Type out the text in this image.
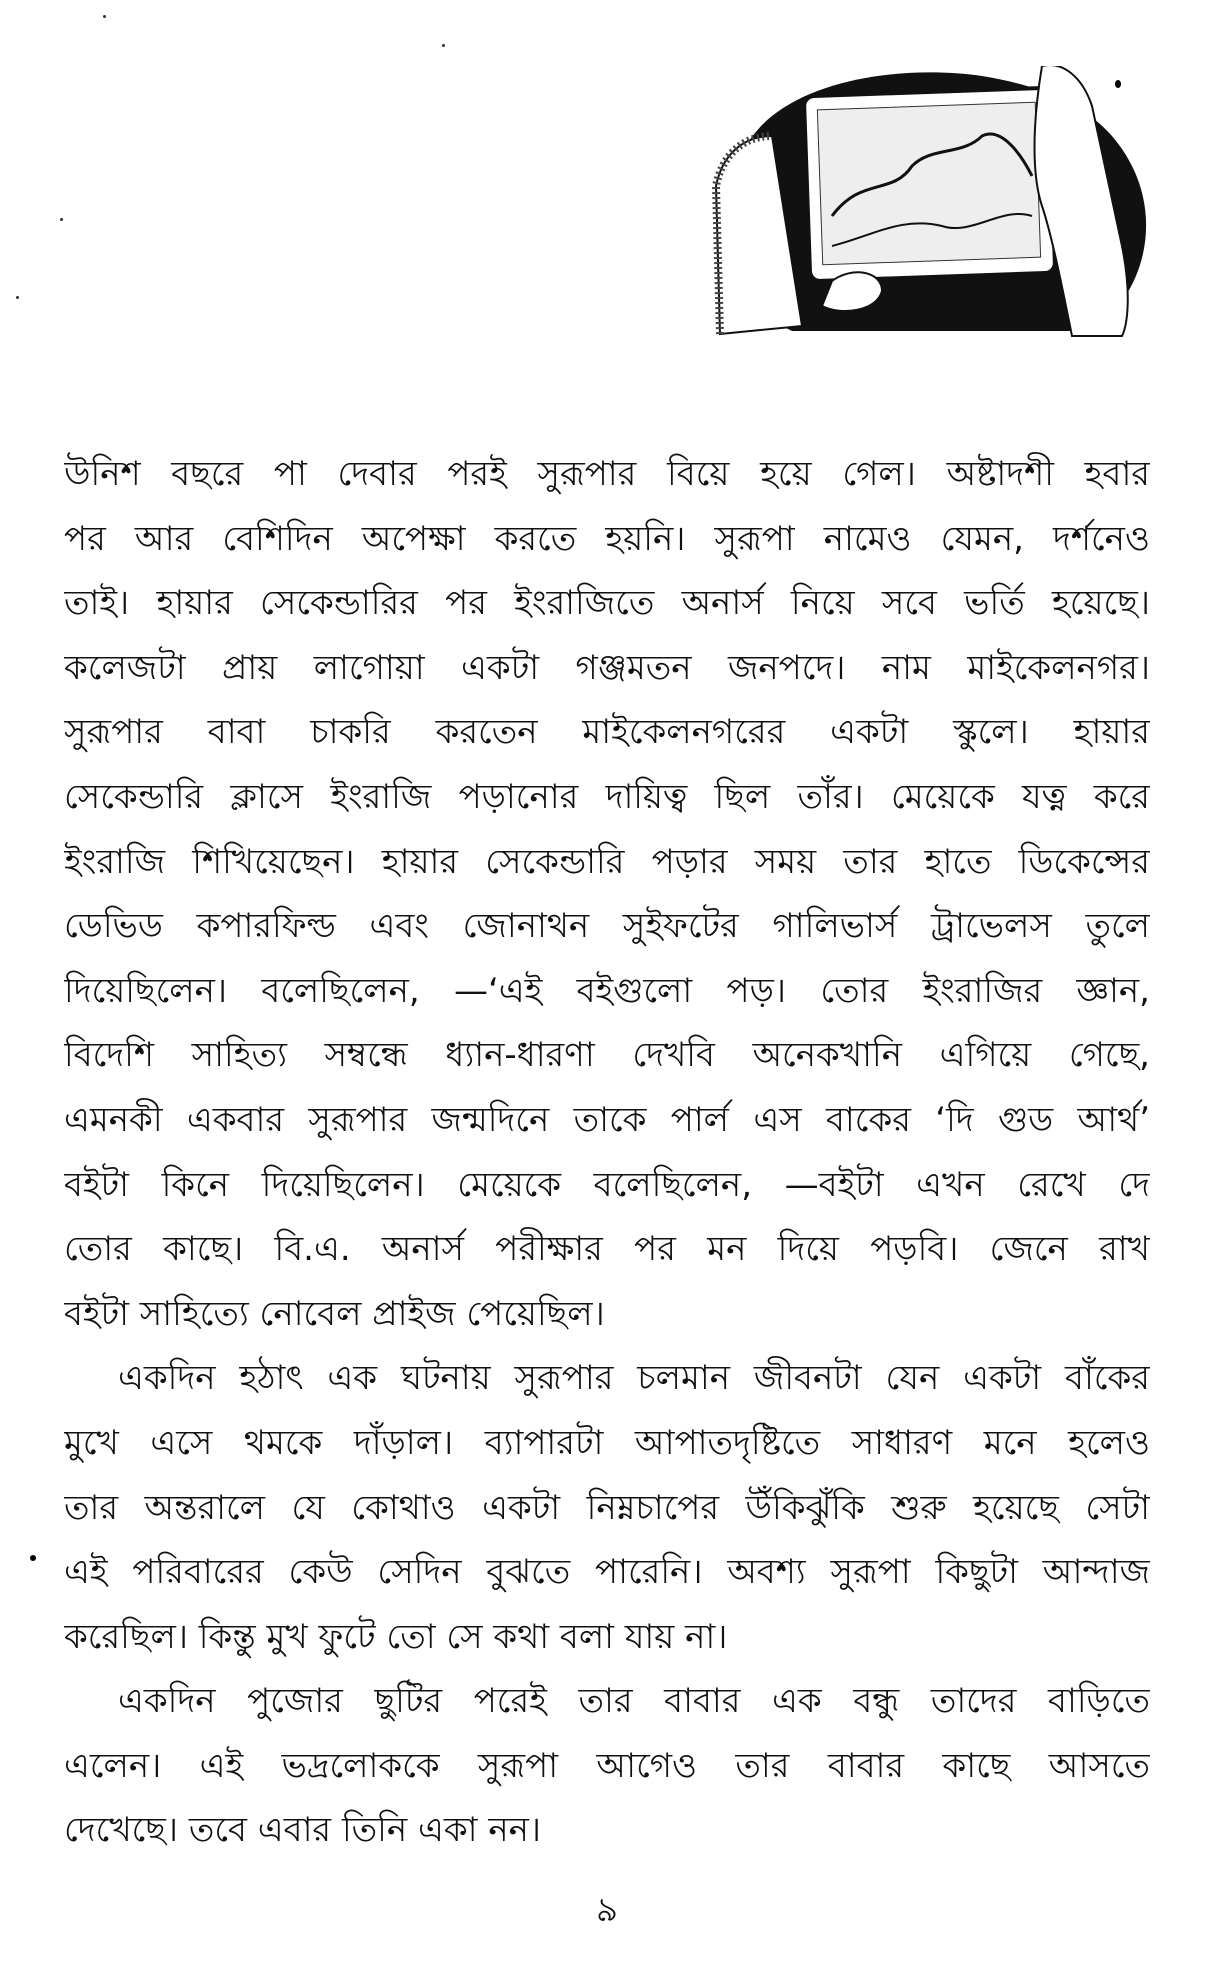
উনিশ বছরে পা দেবার পরই সুরূপার বিয়ে হয়ে গেল। অষ্টাদশী হবার
পর আর বেশিদিন অপেক্ষা করতে হয়নি। সুরূপা নামেও যেমন, দর্শনেও
তাই। হায়ার সেকেন্ডারির পর ইংরাজিতে অনার্স নিয়ে সবে ভর্তি হয়েছে।
কলেজটা প্রায় লাগোয়া একটা গঞ্জমতন জনপদে। নাম মাইকেলনগর।
সুরূপার বাবা চাকরি করতেন মাইকেলনগরের একটা স্কুলে। হায়ার
সেকেন্ডারি ক্লাসে ইংরাজি পড়ানোর দায়িত্ব ছিল তাঁর। মেয়েকে যত্ন করে
ইংরাজি শিখিয়েছেন। হায়ার সেকেন্ডারি পড়ার সময় তার হাতে ডিকেন্সের
ডেভিড কপারফিল্ড এবং জোনাথন সুইফটের গালিভার্স ট্রাভেলস তুলে
দিয়েছিলেন। বলেছিলেন, —‘এই বইগুলো পড়। তোর ইংরাজির জ্ঞান,
বিদেশি সাহিত্য সম্বন্ধে ধ্যান-ধারণা দেখবি অনেকখানি এগিয়ে গেছে,
এমনকী একবার সুরূপার জন্মদিনে তাকে পার্ল এস বাকের ‘দি গুড আর্থ’
বইটা কিনে দিয়েছিলেন। মেয়েকে বলেছিলেন, —বইটা এখন রেখে দে
তোর কাছে। বি.এ. অনার্স পরীক্ষার পর মন দিয়ে পড়বি। জেনে রাখ
বইটা সাহিত্যে নোবেল প্রাইজ পেয়েছিল।
একদিন হঠাৎ এক ঘটনায় সুরূপার চলমান জীবনটা যেন একটা বাঁকের
মুখে এসে থমকে দাঁড়াল। ব্যাপারটা আপাতদৃষ্টিতে সাধারণ মনে হলেও
তার অন্তরালে যে কোথাও একটা নিম্নচাপের উঁকিঝুঁকি শুরু হয়েছে সেটা
এই পরিবারের কেউ সেদিন বুঝতে পারেনি। অবশ্য সুরূপা কিছুটা আন্দাজ
করেছিল। কিন্তু মুখ ফুটে তো সে কথা বলা যায় না।
একদিন পুজোর ছুটির পরেই তার বাবার এক বন্ধু তাদের বাড়িতে
এলেন। এই ভদ্রলোককে সুরূপা আগেও তার বাবার কাছে আসতে
দেখেছে। তবে এবার তিনি একা নন।
৯
